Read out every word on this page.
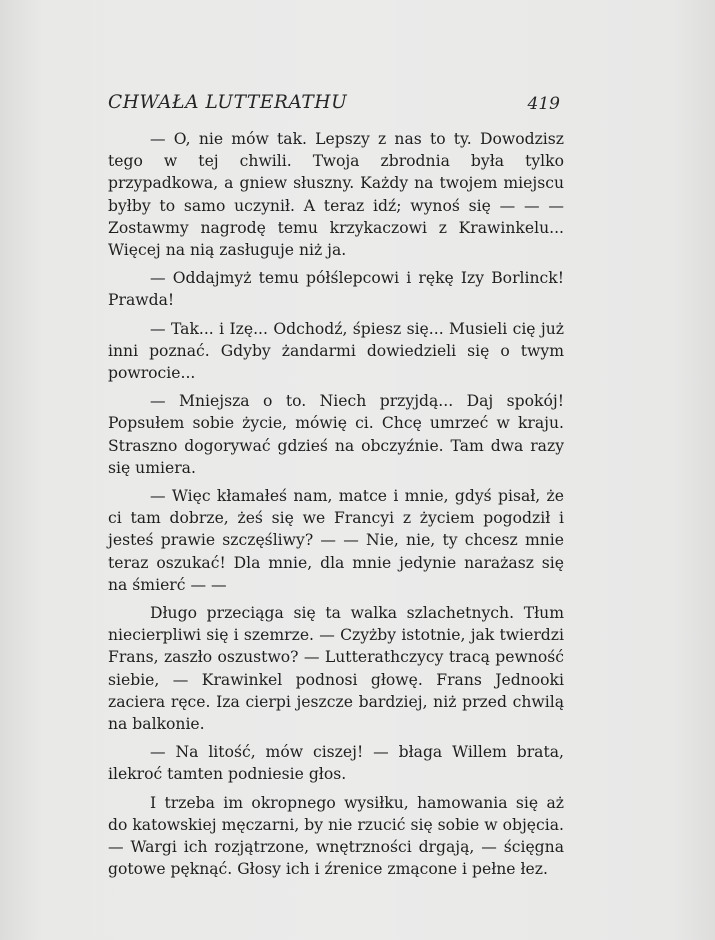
CHWAŁA LUTTERATHU	419

— O, nie mów tak. Lepszy z nas to ty. Dowodzisz tego w tej chwili. Twoja zbrodnia była tylko przypadkowa, a gniew słuszny. Każdy na twojem miejscu byłby to samo uczynił. A teraz idź; wynoś się — — — Zostawmy nagrodę temu krzykaczowi z Krawinkelu... Więcej na nią zasługuje niż ja.

— Oddajmyż temu półślepcowi i rękę Izy Borlinck! Prawda!

— Tak... i Izę... Odchodź, śpiesz się... Musieli cię już inni poznać. Gdyby żandarmi dowiedzieli się o twym powrocie...

— Mniejsza o to. Niech przyjdą... Daj spokój! Popsułem sobie życie, mówię ci. Chcę umrzeć w kraju. Straszno dogorywać gdzieś na obczyźnie. Tam dwa razy się umiera.

— Więc kłamałeś nam, matce i mnie, gdyś pisał, że ci tam dobrze, żeś się we Francyi z życiem pogodził i jesteś prawie szczęśliwy? — — Nie, nie, ty chcesz mnie teraz oszukać! Dla mnie, dla mnie jedynie narażasz się na śmierć — —

Długo przeciąga się ta walka szlachetnych. Tłum niecierpliwi się i szemrze. — Czyżby istotnie, jak twierdzi Frans, zaszło oszustwo? — Lutterathczycy tracą pewność siebie, — Krawinkel podnosi głowę. Frans Jednooki zaciera ręce. Iza cierpi jeszcze bardziej, niż przed chwilą na balkonie.

— Na litość, mów ciszej! — błaga Willem brata, ilekroć tamten podniesie głos.

I trzeba im okropnego wysiłku, hamowania się aż do katowskiej męczarni, by nie rzucić się sobie w objęcia. — Wargi ich rozjątrzone, wnętrzności drgają, — ścięgna gotowe pęknąć. Głosy ich i źrenice zmącone i pełne łez.
